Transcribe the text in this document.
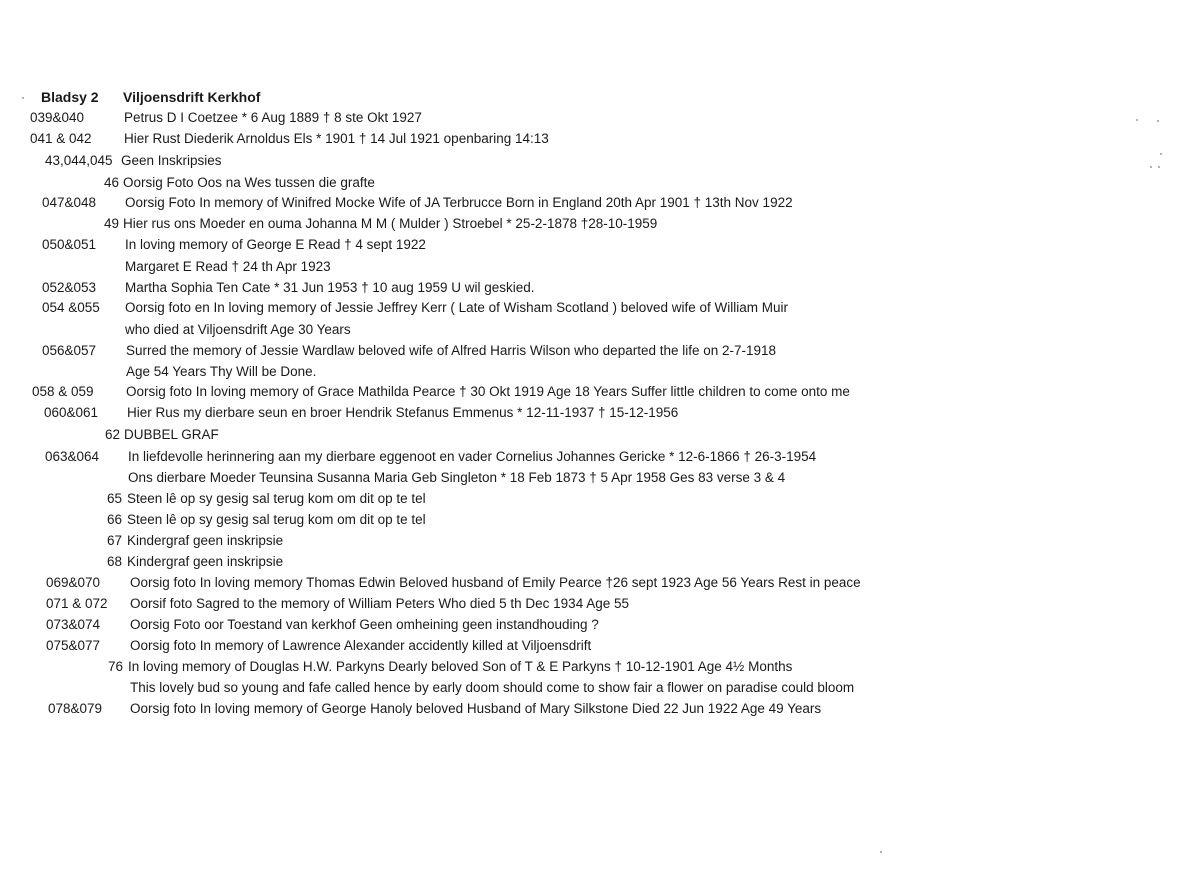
Bladsy 2 Viljoensdrift Kerkhof
039&040	Petrus D I Coetzee * 6 Aug 1889 † 8 ste Okt 1927
041 & 042 Hier Rust Diederik Arnoldus Els * 1901 † 14 Jul 1921 openbaring 14:13
43,044,045 Geen Inskripsies
46 Oorsig Foto Oos na Wes tussen die grafte
047&048 Oorsig Foto In memory of Winifred Mocke Wife of JA Terbrucce Born in England 20th Apr 1901 † 13th Nov 1922
49 Hier rus ons Moeder en ouma Johanna M M ( Mulder ) Stroebel * 25-2-1878 †28-10-1959
050&051 In loving memory of George E Read † 4 sept 1922
Margaret E Read † 24 th Apr 1923
052&053 Martha Sophia Ten Cate * 31 Jun 1953 † 10 aug 1959 U wil geskied.
054 &055 Oorsig foto en In loving memory of Jessie Jeffrey Kerr ( Late of Wisham Scotland ) beloved wife of William Muir
who died at Viljoensdrift Age 30 Years
056&057 Surred the memory of Jessie Wardlaw beloved wife of Alfred Harris Wilson who departed the life on 2-7-1918
Age 54 Years Thy Will be Done.
058 & 059 Oorsig foto In loving memory of Grace Mathilda Pearce † 30 Okt 1919 Age 18 Years Suffer little children to come onto me
060&061 Hier Rus my dierbare seun en broer Hendrik Stefanus Emmenus * 12-11-1937 † 15-12-1956
62 DUBBEL GRAF
063&064 In liefdevolle herinnering aan my dierbare eggenoot en vader Cornelius Johannes Gericke * 12-6-1866 † 26-3-1954
Ons dierbare Moeder Teunsina Susanna Maria Geb Singleton * 18 Feb 1873 † 5 Apr 1958 Ges 83 verse 3 & 4
65 Steen lê op sy gesig sal terug kom om dit op te tel
66 Steen lê op sy gesig sal terug kom om dit op te tel
67 Kindergraf geen inskripsie
68 Kindergraf geen inskripsie
069&070 Oorsig foto In loving memory Thomas Edwin Beloved husband of Emily Pearce †26 sept 1923 Age 56 Years Rest in peace
071 & 072 Oorsif foto Sagred to the memory of William Peters Who died 5 th Dec 1934 Age 55
073&074 Oorsig Foto oor Toestand van kerkhof Geen omheining geen instandhouding ?
075&077 Oorsig foto In memory of Lawrence Alexander accidently killed at Viljoensdrift
76 In loving memory of Douglas H.W. Parkyns Dearly beloved Son of T & E Parkyns † 10-12-1901 Age 4½ Months
This lovely bud so young and fafe called hence by early doom should come to show fair a flower on paradise could bloom
078&079 Oorsig foto In loving memory of George Hanoly beloved Husband of Mary Silkstone Died 22 Jun 1922 Age 49 Years
